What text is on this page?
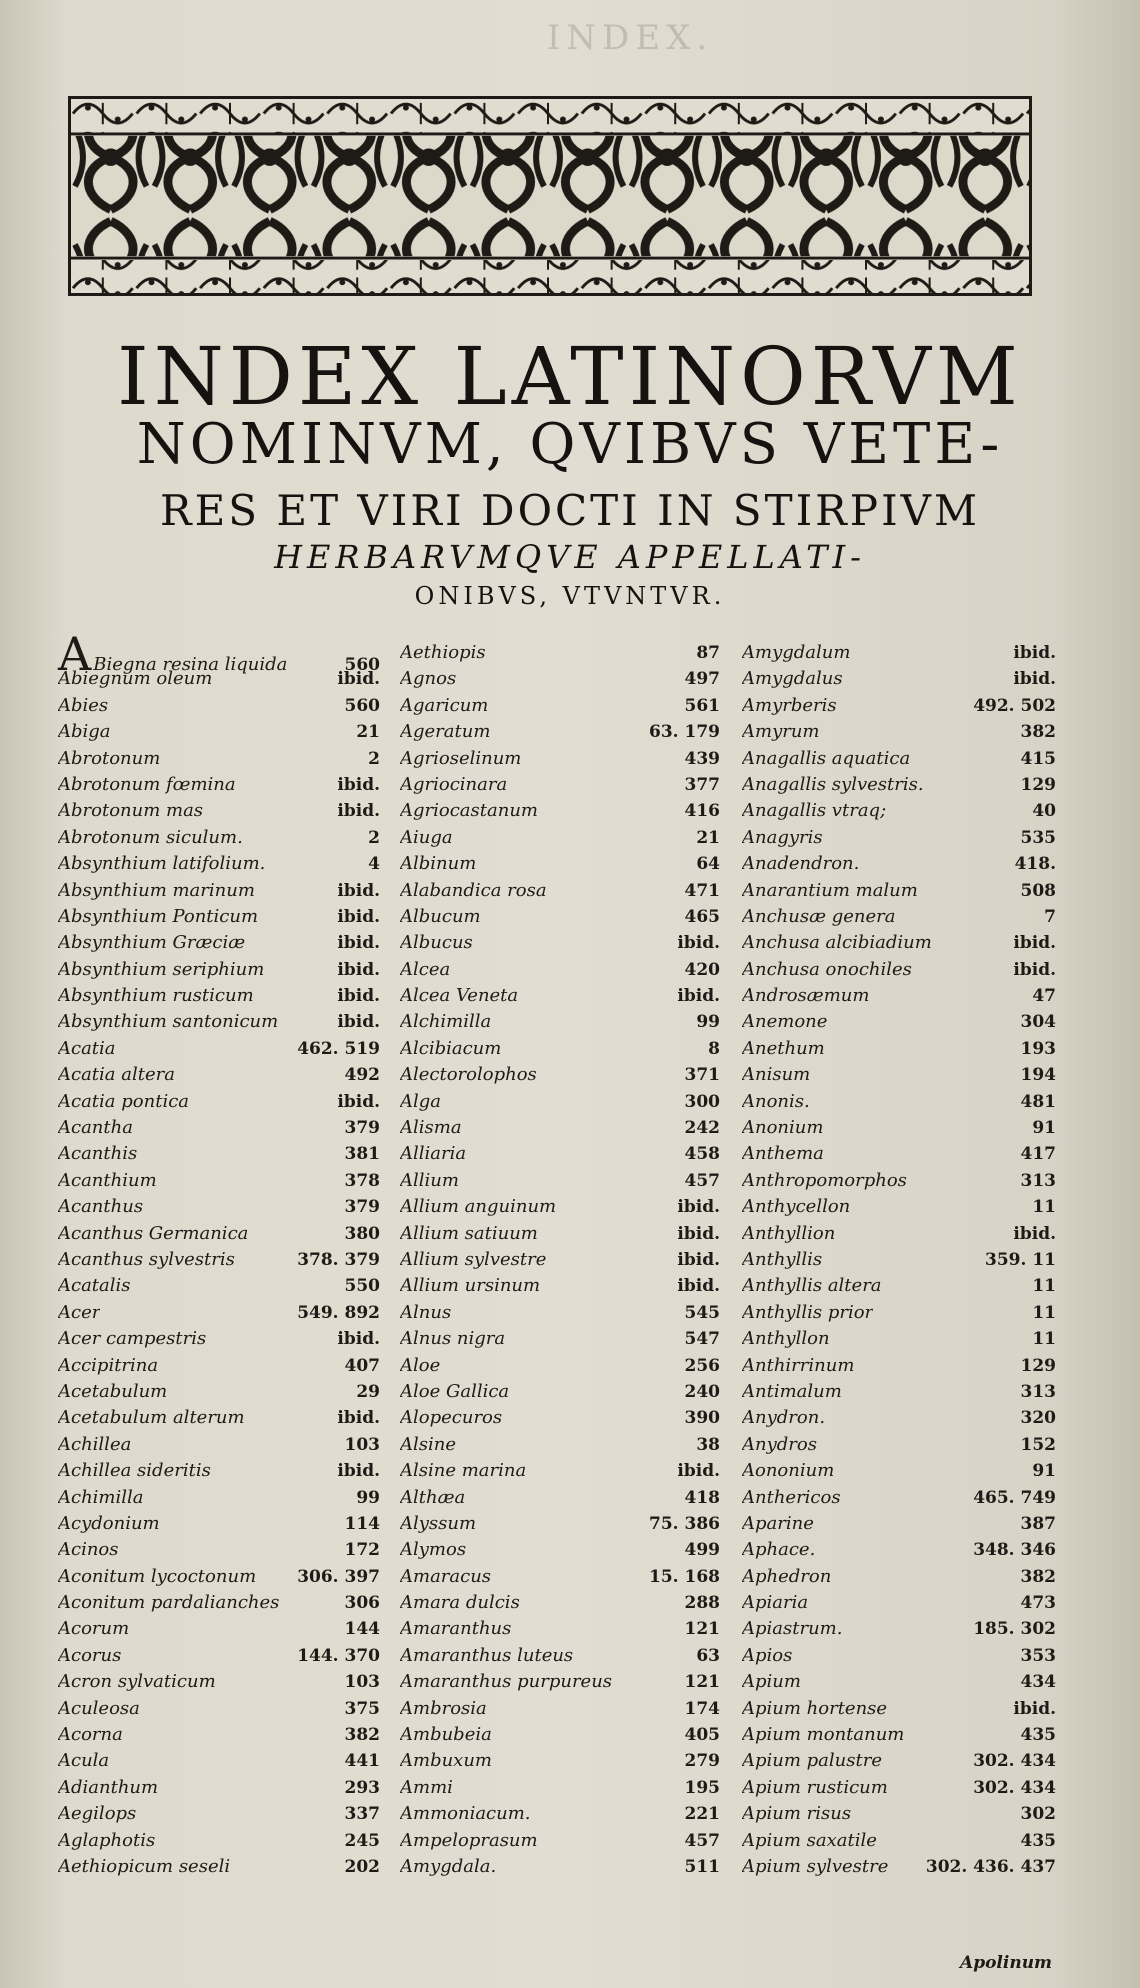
INDEX.
INDEX LATINORVM
NOMINVM, QVIBVS VETE-
RES ET VIRI DOCTI IN STIRPIVM
HERBARVMQVE APPELLATI-
ONIBVS, VTVNTVR.
A Biegna resina liquida	560
Abiegnum oleum	ibid.
Abies	560
Abiga	21
Abrotonum	2
Abrotonum fœmina	ibid.
Abrotonum mas	ibid.
Abrotonum siculum.	2
Absynthium latifolium.	4
Absynthium marinum	ibid.
Absynthium Ponticum	ibid.
Absynthium Græciæ	ibid.
Absynthium seriphium	ibid.
Absynthium rusticum	ibid.
Absynthium santonicum	ibid.
Acatia	462. 519
Acatia altera	492
Acatia pontica	ibid.
Acantha	379
Acanthis	381
Acanthium	378
Acanthus	379
Acanthus Germanica	380
Acanthus sylvestris	378. 379
Acatalis	550
Acer	549. 892
Acer campestris	ibid.
Accipitrina	407
Acetabulum	29
Acetabulum alterum	ibid.
Achillea	103
Achillea sideritis	ibid.
Achimilla	99
Acydonium	114
Acinos	172
Aconitum lycoctonum	306. 397
Aconitum pardalianches	306
Acorum	144
Acorus	144. 370
Acron sylvaticum	103
Aculeosa	375
Acorna	382
Acula	441
Adianthum	293
Aegilops	337
Aglaphotis	245
Aethiopicum seseli	202
Aethiopis	87
Agnos	497
Agaricum	561
Ageratum	63. 179
Agrioselinum	439
Agriocinara	377
Agriocastanum	416
Aiuga	21
Albinum	64
Alabandica rosa	471
Albucum	465
Albucus	ibid.
Alcea	420
Alcea Veneta	ibid.
Alchimilla	99
Alcibiacum	8
Alectorolophos	371
Alga	300
Alisma	242
Alliaria	458
Allium	457
Allium anguinum	ibid.
Allium satiuum	ibid.
Allium sylvestre	ibid.
Allium ursinum	ibid.
Alnus	545
Alnus nigra	547
Aloe	256
Aloe Gallica	240
Alopecuros	390
Alsine	38
Alsine marina	ibid.
Althæa	418
Alyssum	75. 386
Alymos	499
Amaracus	15. 168
Amara dulcis	288
Amaranthus	121
Amaranthus luteus	63
Amaranthus purpureus	121
Ambrosia	174
Ambubeia	405
Ambuxum	279
Ammi	195
Ammoniacum.	221
Ampeloprasum	457
Amygdala.	511
Amygdalum	ibid.
Amygdalus	ibid.
Amyrberis	492. 502
Amyrum	382
Anagallis aquatica	415
Anagallis sylvestris.	129
Anagallis vtraq;	40
Anagyris	535
Anadendron.	418.
Anarantium malum	508
Anchusæ genera	7
Anchusa alcibiadium	ibid.
Anchusa onochiles	ibid.
Androsæmum	47
Anemone	304
Anethum	193
Anisum	194
Anonis.	481
Anonium	91
Anthema	417
Anthropomorphos	313
Anthycellon	11
Anthyllion	ibid.
Anthyllis	359. 11
Anthyllis altera	11
Anthyllis prior	11
Anthyllon	11
Anthirrinum	129
Antimalum	313
Anydron.	320
Anydros	152
Aononium	91
Anthericos	465. 749
Aparine	387
Aphace.	348. 346
Aphedron	382
Apiaria	473
Apiastrum.	185. 302
Apios	353
Apium	434
Apium hortense	ibid.
Apium montanum	435
Apium palustre	302. 434
Apium rusticum	302. 434
Apium risus	302
Apium saxatile	435
Apium sylvestre	302. 436. 437
Apolinum
